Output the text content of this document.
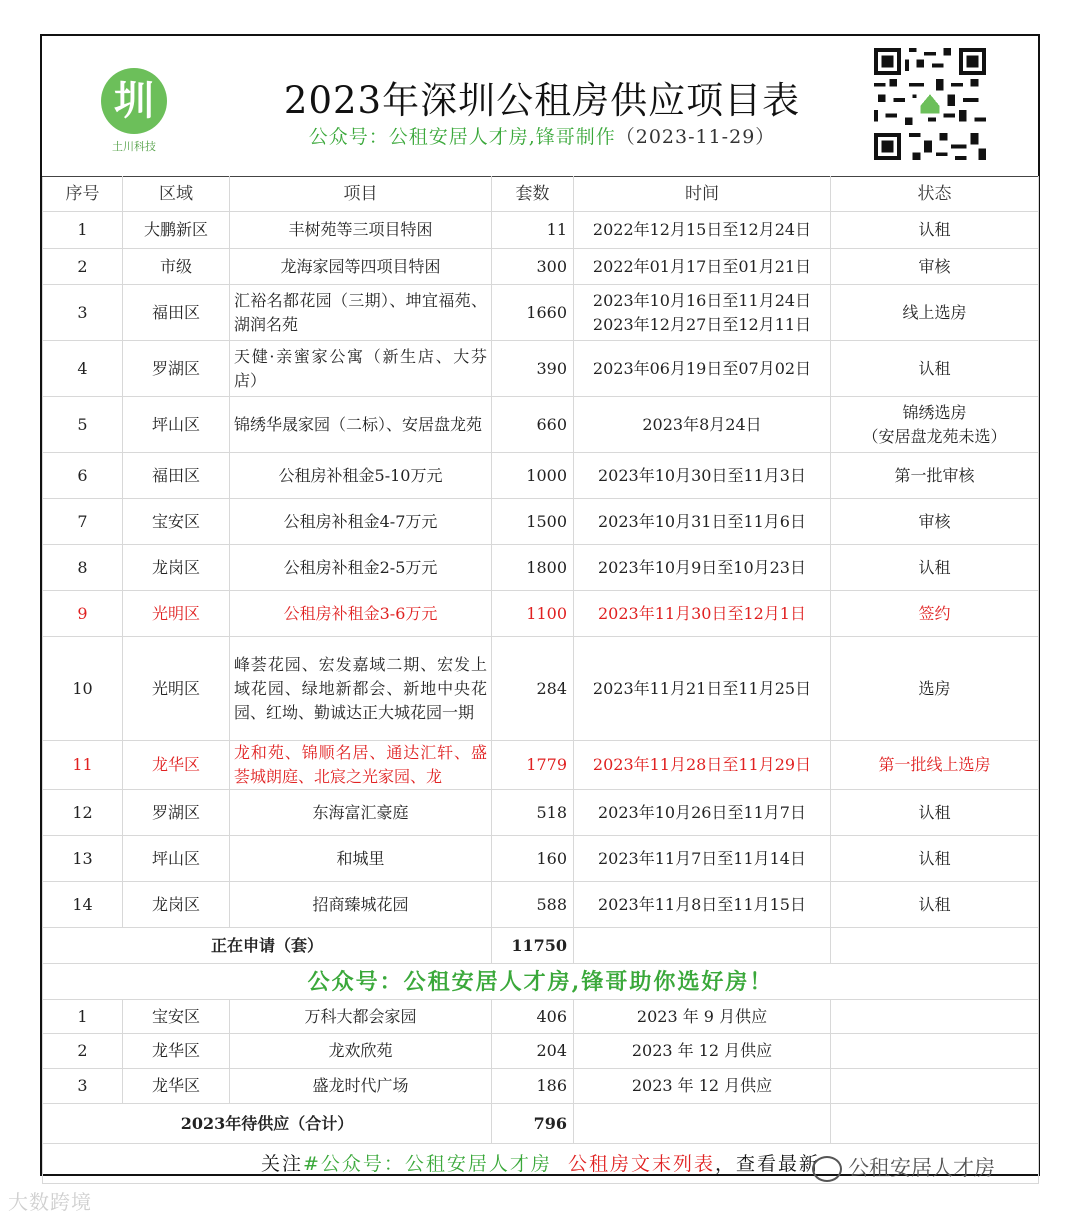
圳
土川科技
2023年深圳公租房供应项目表
公众号：公租安居人才房,锋哥制作（2023-11-29）
序号	区域	项目	套数	时间	状态
1	大鹏新区	丰树苑等三项目特困	11	2022年12月15日至12月24日	认租
2	市级	龙海家园等四项目特困	300	2022年01月17日至01月21日	审核
3	福田区	汇裕名都花园（三期）、坤宜福苑、湖润名苑	1660	2023年10月16日至11月24日
2023年12月27日至12月11日	线上选房
4	罗湖区	天健·亲蜜家公寓（新生店、大芬店）	390	2023年06月19日至07月02日	认租
5	坪山区	锦绣华晟家园（二标）、安居盘龙苑	660	2023年8月24日	锦绣选房
（安居盘龙苑未选）
6	福田区	公租房补租金5-10万元	1000	2023年10月30日至11月3日	第一批审核
7	宝安区	公租房补租金4-7万元	1500	2023年10月31日至11月6日	审核
8	龙岗区	公租房补租金2-5万元	1800	2023年10月9日至10月23日	认租
9	光明区	公租房补租金3-6万元	1100	2023年11月30日至12月1日	签约
10	光明区	峰荟花园、宏发嘉域二期、宏发上域花园、绿地新都会、新地中央花园、红坳、勤诚达正大城花园一期	284	2023年11月21日至11月25日	选房
11	龙华区	龙和苑、锦顺名居、通达汇轩、盛荟城朗庭、北宸之光家园、龙	1779	2023年11月28日至11月29日	第一批线上选房
12	罗湖区	东海富汇豪庭	518	2023年10月26日至11月7日	认租
13	坪山区	和城里	160	2023年11月7日至11月14日	认租
14	龙岗区	招商臻城花园	588	2023年11月8日至11月15日	认租
正在申请（套）			11750		
公众号：公租安居人才房,锋哥助你选好房！					
1	宝安区	万科大都会家园	406	2023 年 9 月供应	
2	龙华区	龙欢欣苑	204	2023 年 12 月供应	
3	龙华区	盛龙时代广场	186	2023 年 12 月供应	
2023年待供应（合计）			796		
关注#公众号：公租安居人才房 公租房文末列表，查看最新					
大数跨境
公租安居人才房
